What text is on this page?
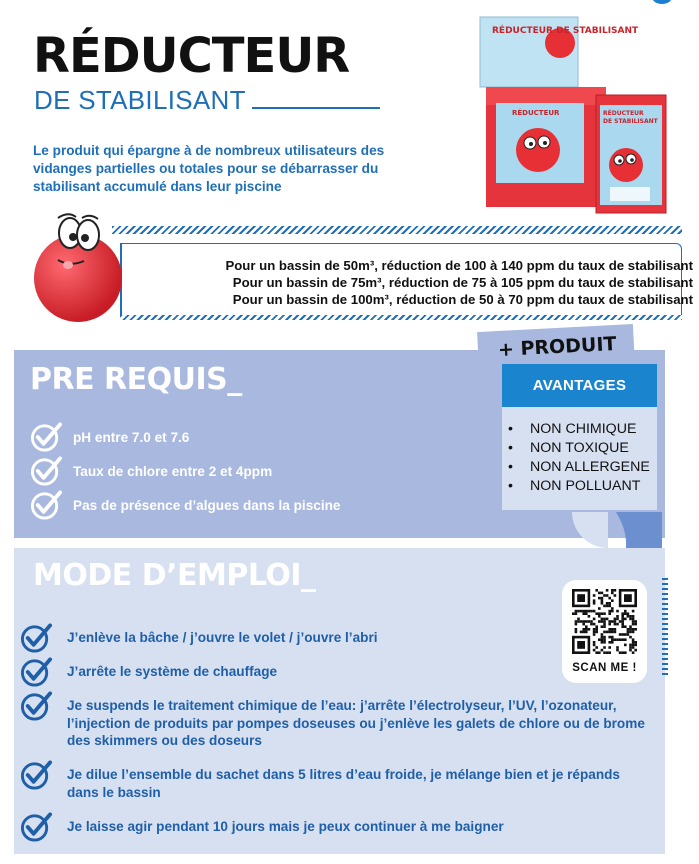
RÉDUCTEUR
DE STABILISANT
Le produit qui épargne à de nombreux utilisateurs des vidanges partielles ou totales pour se débarrasser du stabilisant accumulé dans leur piscine
RÉDUCTEUR DE STABILISANT
RÉDUCTEUR	RÉDUCTEUR
DE STABILISANT
Pour un bassin de 50m³, réduction de 100 à 140 ppm du taux de stabilisant
Pour un bassin de 75m³, réduction de 75 à 105 ppm du taux de stabilisant
Pour un bassin de 100m³, réduction de 50 à 70 ppm du taux de stabilisant
PRE REQUIS_
pH entre 7.0 et 7.6
Taux de chlore entre 2 et 4ppm
Pas de présence d’algues dans la piscine
+ PRODUIT
AVANTAGES
• NON CHIMIQUE
• NON TOXIQUE
• NON ALLERGENE
• NON POLLUANT
MODE D’EMPLOI_
SCAN ME !
J’enlève la bâche / j’ouvre le volet / j’ouvre l’abri
J’arrête le système de chauffage
Je suspends le traitement chimique de l’eau: j’arrête l’électrolyseur, l’UV, l’ozonateur, l’injection de produits par pompes doseuses ou j’enlève les galets de chlore ou de brome des skimmers ou des doseurs
Je dilue l’ensemble du sachet dans 5 litres d’eau froide, je mélange bien et je répands dans le bassin
Je laisse agir pendant 10 jours mais je peux continuer à me baigner
